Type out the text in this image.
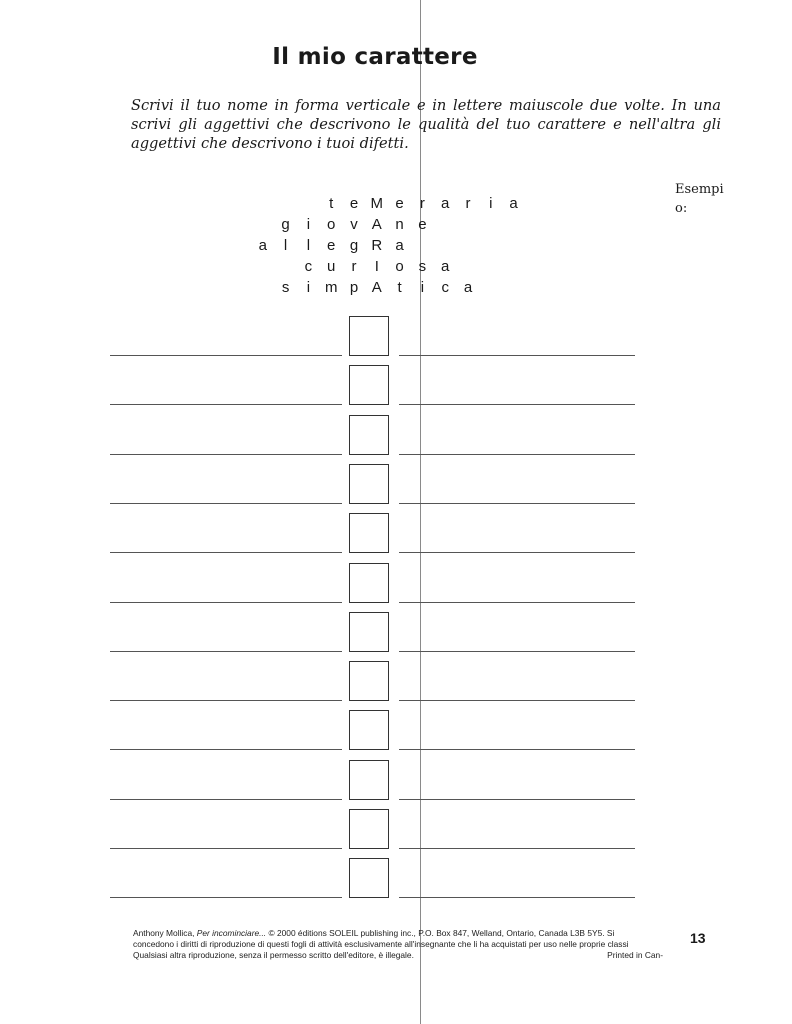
Il mio carattere

Scrivi il tuo nome in forma verticale e in lettere maiuscole due volte. In una scrivi gli aggettivi che descrivono le qualità del tuo carattere e nell'altra gli aggettivi che descrivono i tuoi difetti.

Esempio:
t	e M e	r	a	r	i	a
g	i	o v A n e
a	l	l	e g R a
c u	r	I	o s a
s	i m p A	t	i	c a
Anthony Mollica, Per incominciare... © 2000 éditions SOLEIL publishing inc., P.O. Box 847, Welland, Ontario, Canada L3B 5Y5. Si
concedono i diritti di riproduzione di questi fogli di attività esclusivamente all'insegnante che li ha acquistati per uso nelle proprie classi
Qualsiasi altra riproduzione, senza il permesso scritto dell'editore, è illegale.	Printed in Can-
13
